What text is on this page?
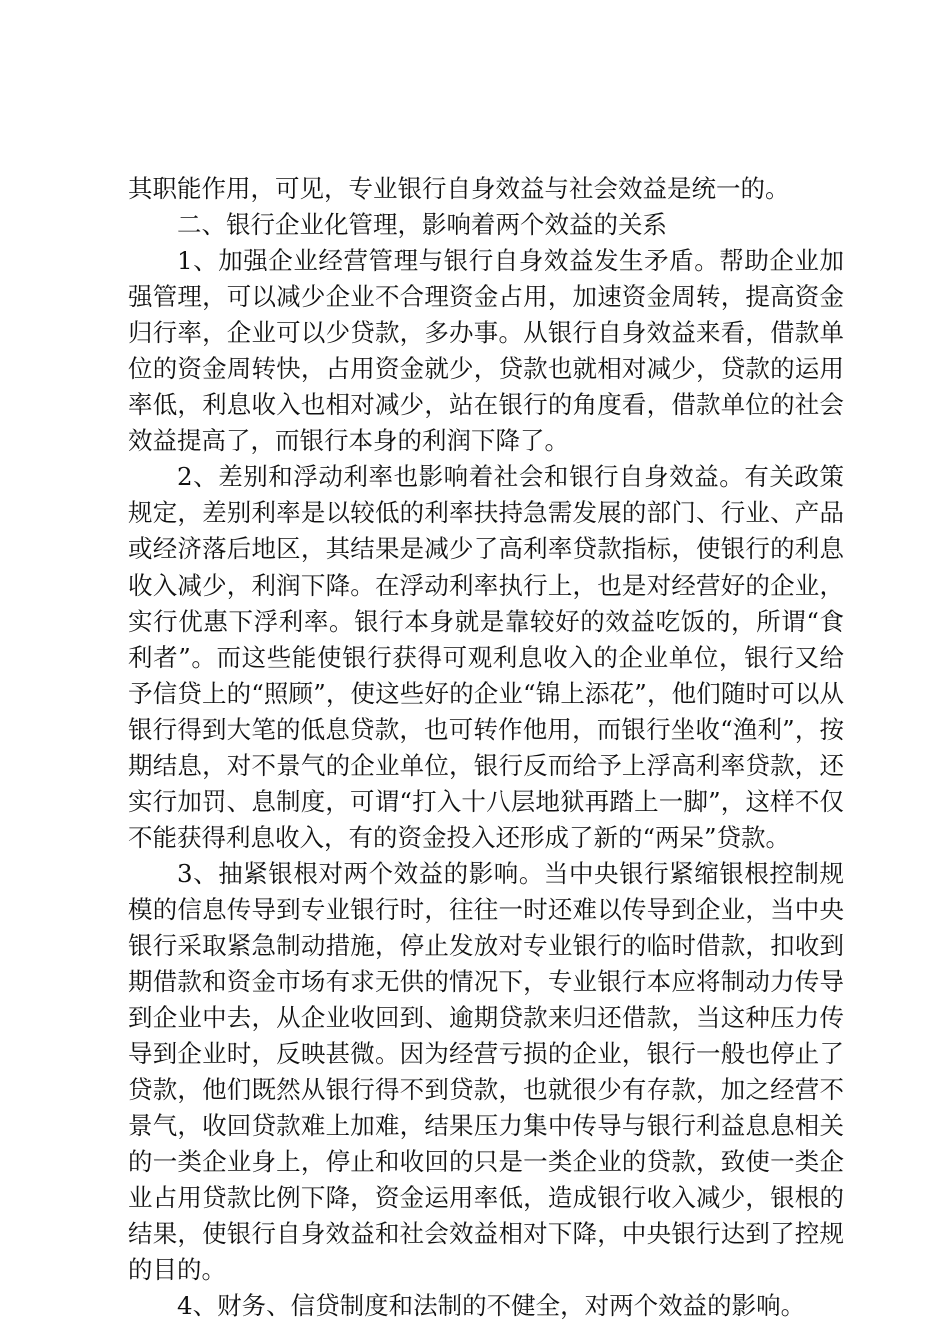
其职能作用，可见，专业银行自身效益与社会效益是统一的。

二、银行企业化管理，影响着两个效益的关系

1、加强企业经营管理与银行自身效益发生矛盾。帮助企业加强管理，可以减少企业不合理资金占用，加速资金周转，提高资金归行率，企业可以少贷款，多办事。从银行自身效益来看，借款单位的资金周转快，占用资金就少，贷款也就相对减少，贷款的运用率低，利息收入也相对减少，站在银行的角度看，借款单位的社会效益提高了，而银行本身的利润下降了。

2、差别和浮动利率也影响着社会和银行自身效益。有关政策规定，差别利率是以较低的利率扶持急需发展的部门、行业、产品或经济落后地区，其结果是减少了高利率贷款指标，使银行的利息收入减少，利润下降。在浮动利率执行上，也是对经营好的企业，实行优惠下浮利率。银行本身就是靠较好的效益吃饭的，所谓“食利者”。而这些能使银行获得可观利息收入的企业单位，银行又给予信贷上的“照顾”，使这些好的企业“锦上添花”，他们随时可以从银行得到大笔的低息贷款，也可转作他用，而银行坐收“渔利”，按期结息，对不景气的企业单位，银行反而给予上浮高利率贷款，还实行加罚、息制度，可谓“打入十八层地狱再踏上一脚”，这样不仅不能获得利息收入，有的资金投入还形成了新的“两呆”贷款。

3、抽紧银根对两个效益的影响。当中央银行紧缩银根控制规模的信息传导到专业银行时，往往一时还难以传导到企业，当中央银行采取紧急制动措施，停止发放对专业银行的临时借款，扣收到期借款和资金市场有求无供的情况下，专业银行本应将制动力传导到企业中去，从企业收回到、逾期贷款来归还借款，当这种压力传导到企业时，反映甚微。因为经营亏损的企业，银行一般也停止了贷款，他们既然从银行得不到贷款，也就很少有存款，加之经营不景气，收回贷款难上加难，结果压力集中传导与银行利益息息相关的一类企业身上，停止和收回的只是一类企业的贷款，致使一类企业占用贷款比例下降，资金运用率低，造成银行收入减少，银根的结果，使银行自身效益和社会效益相对下降，中央银行达到了控规的目的。

4、财务、信贷制度和法制的不健全，对两个效益的影响。
